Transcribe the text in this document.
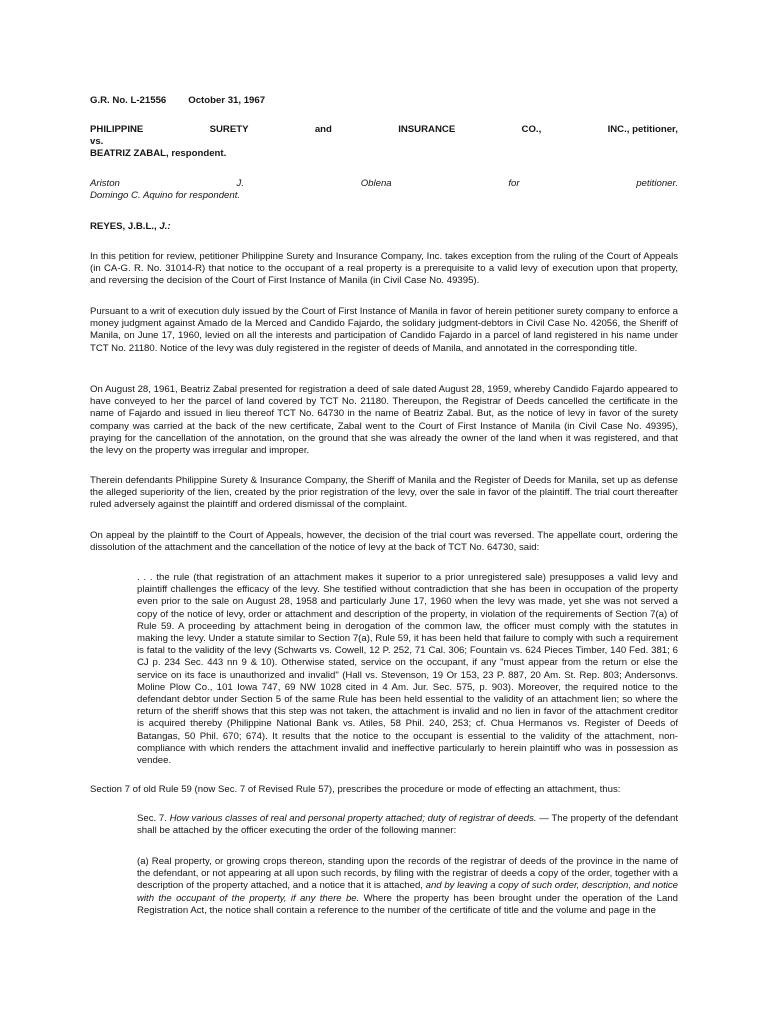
G.R. No. L-21556 October 31, 1967
PHILIPPINE	SURETY	and	INSURANCE	CO.,	INC., petitioner,
vs.
BEATRIZ ZABAL, respondent.
Ariston	J.	Oblena	for	petitioner.
Domingo C. Aquino for respondent.
REYES, J.B.L., J.:
In this petition for review, petitioner Philippine Surety and Insurance Company, Inc. takes exception from the ruling of the Court of Appeals (in CA-G. R. No. 31014-R) that notice to the occupant of a real property is a prerequisite to a valid levy of execution upon that property, and reversing the decision of the Court of First Instance of Manila (in Civil Case No. 49395).
Pursuant to a writ of execution duly issued by the Court of First Instance of Manila in favor of herein petitioner surety company to enforce a money judgment against Amado de la Merced and Candido Fajardo, the solidary judgment-debtors in Civil Case No. 42056, the Sheriff of Manila, on June 17, 1960, levied on all the interests and participation of Candido Fajardo in a parcel of land registered in his name under TCT No. 21180. Notice of the levy was duly registered in the register of deeds of Manila, and annotated in the corresponding title.
On August 28, 1961, Beatriz Zabal presented for registration a deed of sale dated August 28, 1959, whereby Candido Fajardo appeared to have conveyed to her the parcel of land covered by TCT No. 21180. Thereupon, the Registrar of Deeds cancelled the certificate in the name of Fajardo and issued in lieu thereof TCT No. 64730 in the name of Beatriz Zabal. But, as the notice of levy in favor of the surety company was carried at the back of the new certificate, Zabal went to the Court of First Instance of Manila (in Civil Case No. 49395), praying for the cancellation of the annotation, on the ground that she was already the owner of the land when it was registered, and that the levy on the property was irregular and improper.
Therein defendants Philippine Surety & Insurance Company, the Sheriff of Manila and the Register of Deeds for Manila, set up as defense the alleged superiority of the lien, created by the prior registration of the levy, over the sale in favor of the plaintiff. The trial court thereafter ruled adversely against the plaintiff and ordered dismissal of the complaint.
On appeal by the plaintiff to the Court of Appeals, however, the decision of the trial court was reversed. The appellate court, ordering the dissolution of the attachment and the cancellation of the notice of levy at the back of TCT No. 64730, said:
. . . the rule (that registration of an attachment makes it superior to a prior unregistered sale) presupposes a valid levy and plaintiff challenges the efficacy of the levy. She testified without contradiction that she has been in occupation of the property even prior to the sale on August 28, 1958 and particularly June 17, 1960 when the levy was made, yet she was not served a copy of the notice of levy, order or attachment and description of the property, in violation of the requirements of Section 7(a) of Rule 59. A proceeding by attachment being in derogation of the common law, the officer must comply with the statutes in making the levy. Under a statute similar to Section 7(a), Rule 59, it has been held that failure to comply with such a requirement is fatal to the validity of the levy (Schwarts vs. Cowell, 12 P. 252, 71 Cal. 306; Fountain vs. 624 Pieces Timber, 140 Fed. 381; 6 CJ p. 234 Sec. 443 nn 9 & 10). Otherwise stated, service on the occupant, if any "must appear from the return or else the service on its face is unauthorized and invalid" (Hall vs. Stevenson, 19 Or 153, 23 P. 887, 20 Am. St. Rep. 803; Andersonvs. Moline Plow Co., 101 Iowa 747, 69 NW 1028 cited in 4 Am. Jur. Sec. 575, p. 903). Moreover, the required notice to the defendant debtor under Section 5 of the same Rule has been held essential to the validity of an attachment lien; so where the return of the sheriff shows that this step was not taken, the attachment is invalid and no lien in favor of the attachment creditor is acquired thereby (Philippine National Bank vs. Atiles, 58 Phil. 240, 253; cf. Chua Hermanos vs. Register of Deeds of Batangas, 50 Phil. 670; 674). It results that the notice to the occupant is essential to the validity of the attachment, non-compliance with which renders the attachment invalid and ineffective particularly to herein plaintiff who was in possession as vendee.
Section 7 of old Rule 59 (now Sec. 7 of Revised Rule 57), prescribes the procedure or mode of effecting an attachment, thus:
Sec. 7. How various classes of real and personal property attached; duty of registrar of deeds. — The property of the defendant shall be attached by the officer executing the order of the following manner:
(a) Real property, or growing crops thereon, standing upon the records of the registrar of deeds of the province in the name of the defendant, or not appearing at all upon such records, by filing with the registrar of deeds a copy of the order, together with a description of the property attached, and a notice that it is attached, and by leaving a copy of such order, description, and notice with the occupant of the property, if any there be. Where the property has been brought under the operation of the Land Registration Act, the notice shall contain a reference to the number of the certificate of title and the volume and page in the
